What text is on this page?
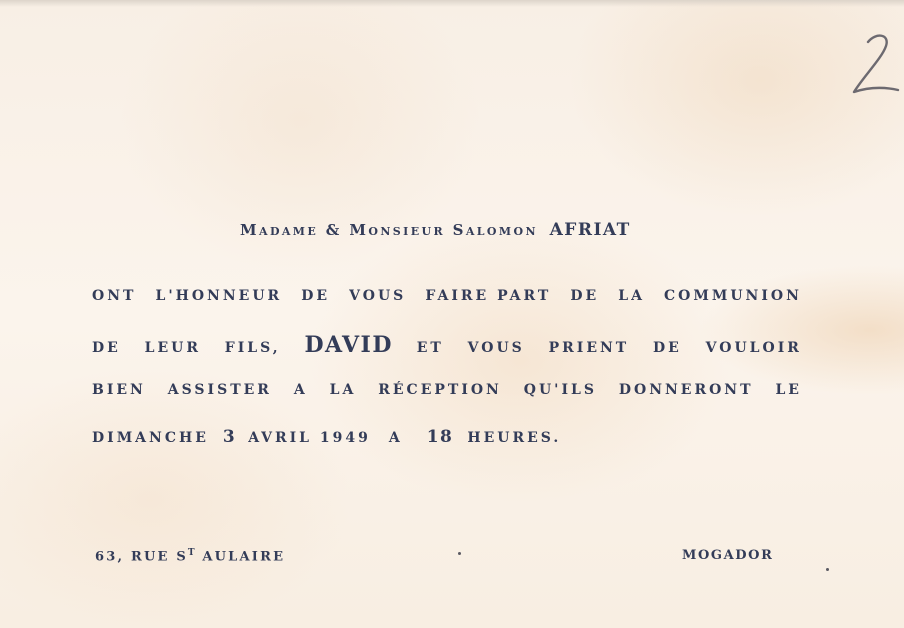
Madame & Monsieur Salomon AFRIAT
ONT L'HONNEUR DE VOUS FAIRE PART DE LA COMMUNION
DE LEUR FILS, DAVID ET VOUS PRIENT DE VOULOIR
BIEN ASSISTER A LA RÉCEPTION QU'ILS DONNERONT LE
DIMANCHE 3 AVRIL 1949 A 18 HEURES.
63, RUE $S^T$ AULAIRE	MOGADOR
